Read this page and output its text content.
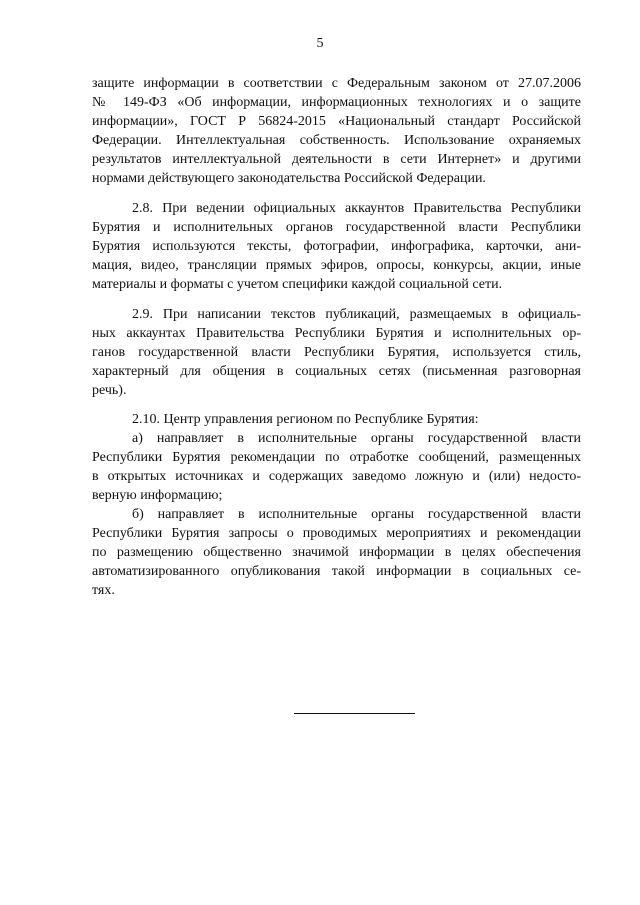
5
защите информации в соответствии с Федеральным законом от 27.07.2006
№ 149-ФЗ «Об информации, информационных технологиях и о защите
информации», ГОСТ Р 56824-2015 «Национальный стандарт Российской
Федерации. Интеллектуальная собственность. Использование охраняемых
результатов интеллектуальной деятельности в сети Интернет» и другими
нормами действующего законодательства Российской Федерации.
2.8. При ведении официальных аккаунтов Правительства Республики
Бурятия и исполнительных органов государственной власти Республики
Бурятия используются тексты, фотографии, инфографика, карточки, ани-
мация, видео, трансляции прямых эфиров, опросы, конкурсы, акции, иные
материалы и форматы с учетом специфики каждой социальной сети.
2.9. При написании текстов публикаций, размещаемых в официаль-
ных аккаунтах Правительства Республики Бурятия и исполнительных ор-
ганов государственной власти Республики Бурятия, используется стиль,
характерный для общения в социальных сетях (письменная разговорная
речь).
2.10. Центр управления регионом по Республике Бурятия:
а) направляет в исполнительные органы государственной власти
Республики Бурятия рекомендации по отработке сообщений, размещенных
в открытых источниках и содержащих заведомо ложную и (или) недосто-
верную информацию;
б) направляет в исполнительные органы государственной власти
Республики Бурятия запросы о проводимых мероприятиях и рекомендации
по размещению общественно значимой информации в целях обеспечения
автоматизированного опубликования такой информации в социальных се-
тях.
